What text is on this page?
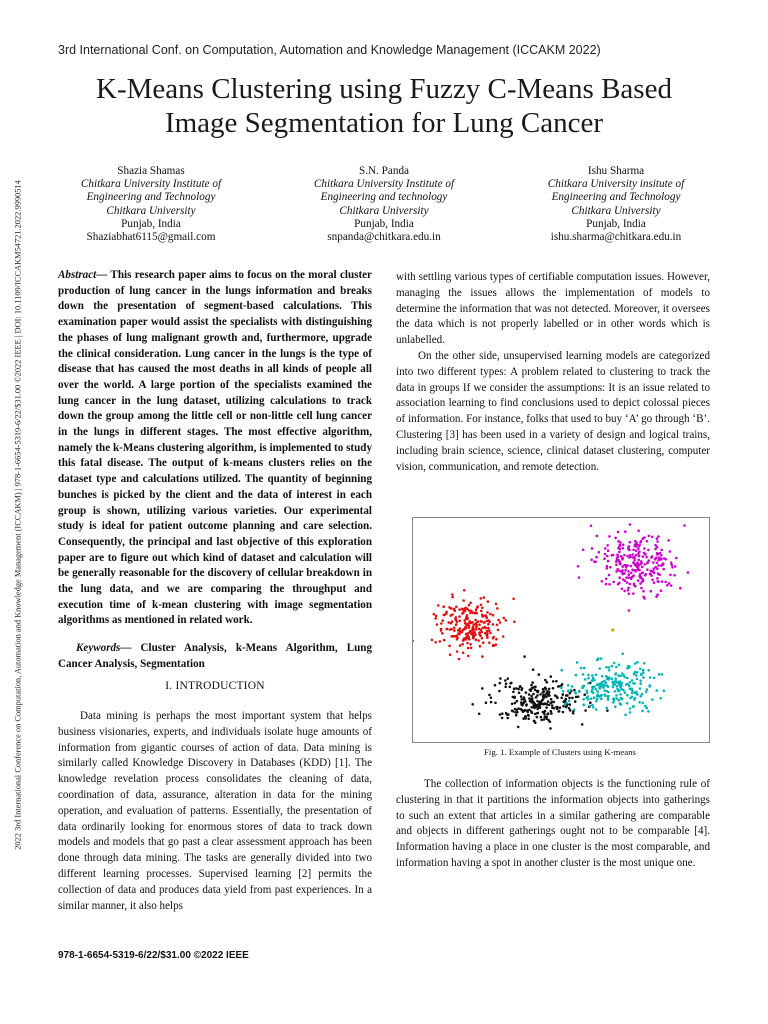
3rd International Conf. on Computation, Automation and Knowledge Management (ICCAKM 2022)
K-Means Clustering using Fuzzy C-Means Based
Image Segmentation for Lung Cancer
2022 3rd International Conference on Computation, Automation and Knowledge Management (ICCAKM) | 978-1-6654-5319-6/22/$31.00 ©2022 IEEE | DOI: 10.1109/ICCAKM54721.2022.9990514
Shazia Shamas
Chitkara University Institute of
Engineering and Technology
Chitkara University
Punjab, India
Shaziabhat6115@gmail.com
S.N. Panda
Chitkara University Institute of
Engineering and technology
Chitkara University
Punjab, India
snpanda@chitkara.edu.in
Ishu Sharma
Chitkara University insitute of
Engineering and Technology
Chitkara University
Punjab, India
ishu.sharma@chitkara.edu.in

Abstract— This research paper aims to focus on the moral cluster production of lung cancer in the lungs information and breaks down the presentation of segment-based calculations. This examination paper would assist the specialists with distinguishing the phases of lung malignant growth and, furthermore, upgrade the clinical consideration. Lung cancer in the lungs is the type of disease that has caused the most deaths in all kinds of people all over the world. A large portion of the specialists examined the lung cancer in the lung dataset, utilizing calculations to track down the group among the little cell or non-little cell lung cancer in the lungs in different stages. The most effective algorithm, namely the k-Means clustering algorithm, is implemented to study this fatal disease. The output of k-means clusters relies on the dataset type and calculations utilized. The quantity of beginning bunches is picked by the client and the data of interest in each group is shown, utilizing various varieties. Our experimental study is ideal for patient outcome planning and care selection. Consequently, the principal and last objective of this exploration paper are to figure out which kind of dataset and calculation will be generally reasonable for the discovery of cellular breakdown in the lung data, and we are comparing the throughput and execution time of k-mean clustering with image segmentation algorithms as mentioned in related work.

Keywords— Cluster Analysis, k-Means Algorithm, Lung Cancer Analysis, Segmentation

I. INTRODUCTION

Data mining is perhaps the most important system that helps business visionaries, experts, and individuals isolate huge amounts of information from gigantic courses of action of data. Data mining is similarly called Knowledge Discovery in Databases (KDD) [1]. The knowledge revelation process consolidates the cleaning of data, coordination of data, assurance, alteration in data for the mining operation, and evaluation of patterns. Essentially, the presentation of data ordinarily looking for enormous stores of data to track down models and models that go past a clear assessment approach has been done through data mining. The tasks are generally divided into two different learning processes. Supervised learning [2] permits the collection of data and produces data yield from past experiences. In a similar manner, it also helps

with settling various types of certifiable computation issues. However, managing the issues allows the implementation of models to determine the information that was not detected. Moreover, it oversees the data which is not properly labelled or in other words which is unlabelled.

On the other side, unsupervised learning models are categorized into two different types: A problem related to clustering to track the data in groups If we consider the assumptions: It is an issue related to association learning to find conclusions used to depict colossal pieces of information. For instance, folks that used to buy ‘A’ go through ‘B’. Clustering [3] has been used in a variety of design and logical trains, including brain science, science, clinical dataset clustering, computer vision, communication, and remote detection.

Fig. 1. Example of Clusters using K-means

The collection of information objects is the functioning rule of clustering in that it partitions the information objects into gatherings to such an extent that articles in a similar gathering are comparable and objects in different gatherings ought not to be comparable [4]. Information having a place in one cluster is the most comparable, and information having a spot in another cluster is the most unique one.

978-1-6654-5319-6/22/$31.00 ©2022 IEEE
